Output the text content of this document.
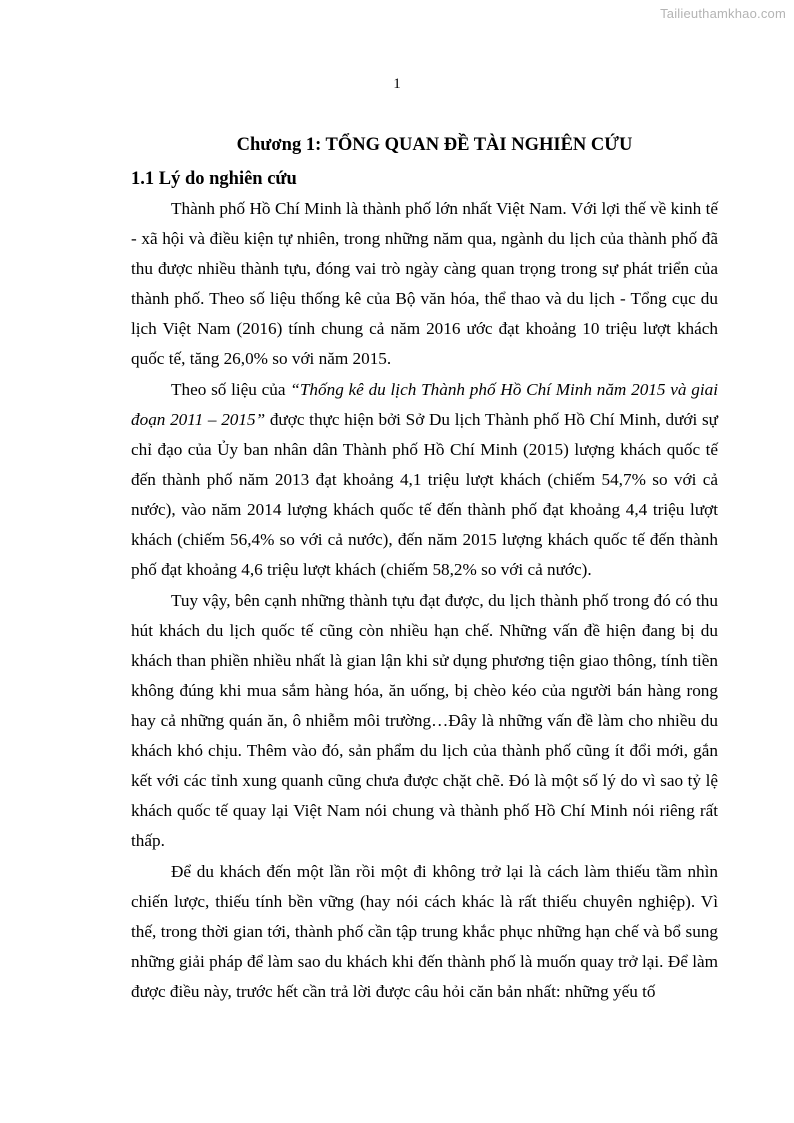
Tailieuthamkhao.com
1
Chương 1: TỔNG QUAN ĐỀ TÀI NGHIÊN CỨU
1.1 Lý do nghiên cứu

Thành phố Hồ Chí Minh là thành phố lớn nhất Việt Nam. Với lợi thế về kinh tế - xã hội và điều kiện tự nhiên, trong những năm qua, ngành du lịch của thành phố đã thu được nhiều thành tựu, đóng vai trò ngày càng quan trọng trong sự phát triển của thành phố. Theo số liệu thống kê của Bộ văn hóa, thể thao và du lịch - Tổng cục du lịch Việt Nam (2016) tính chung cả năm 2016 ước đạt khoảng 10 triệu lượt khách quốc tế, tăng 26,0% so với năm 2015.

Theo số liệu của “Thống kê du lịch Thành phố Hồ Chí Minh năm 2015 và giai đoạn 2011 – 2015” được thực hiện bởi Sở Du lịch Thành phố Hồ Chí Minh, dưới sự chỉ đạo của Ủy ban nhân dân Thành phố Hồ Chí Minh (2015) lượng khách quốc tế đến thành phố năm 2013 đạt khoảng 4,1 triệu lượt khách (chiếm 54,7% so với cả nước), vào năm 2014 lượng khách quốc tế đến thành phố đạt khoảng 4,4 triệu lượt khách (chiếm 56,4% so với cả nước), đến năm 2015 lượng khách quốc tế đến thành phố đạt khoảng 4,6 triệu lượt khách (chiếm 58,2% so với cả nước).

Tuy vậy, bên cạnh những thành tựu đạt được, du lịch thành phố trong đó có thu hút khách du lịch quốc tế cũng còn nhiều hạn chế. Những vấn đề hiện đang bị du khách than phiền nhiều nhất là gian lận khi sử dụng phương tiện giao thông, tính tiền không đúng khi mua sắm hàng hóa, ăn uống, bị chèo kéo của người bán hàng rong hay cả những quán ăn, ô nhiễm môi trường…Đây là những vấn đề làm cho nhiều du khách khó chịu. Thêm vào đó, sản phẩm du lịch của thành phố cũng ít đổi mới, gắn kết với các tỉnh xung quanh cũng chưa được chặt chẽ. Đó là một số lý do vì sao tỷ lệ khách quốc tế quay lại Việt Nam nói chung và thành phố Hồ Chí Minh nói riêng rất thấp.

Để du khách đến một lần rồi một đi không trở lại là cách làm thiếu tầm nhìn chiến lược, thiếu tính bền vững (hay nói cách khác là rất thiếu chuyên nghiệp). Vì thế, trong thời gian tới, thành phố cần tập trung khắc phục những hạn chế và bổ sung những giải pháp để làm sao du khách khi đến thành phố là muốn quay trở lại. Để làm được điều này, trước hết cần trả lời được câu hỏi căn bản nhất: những yếu tố
